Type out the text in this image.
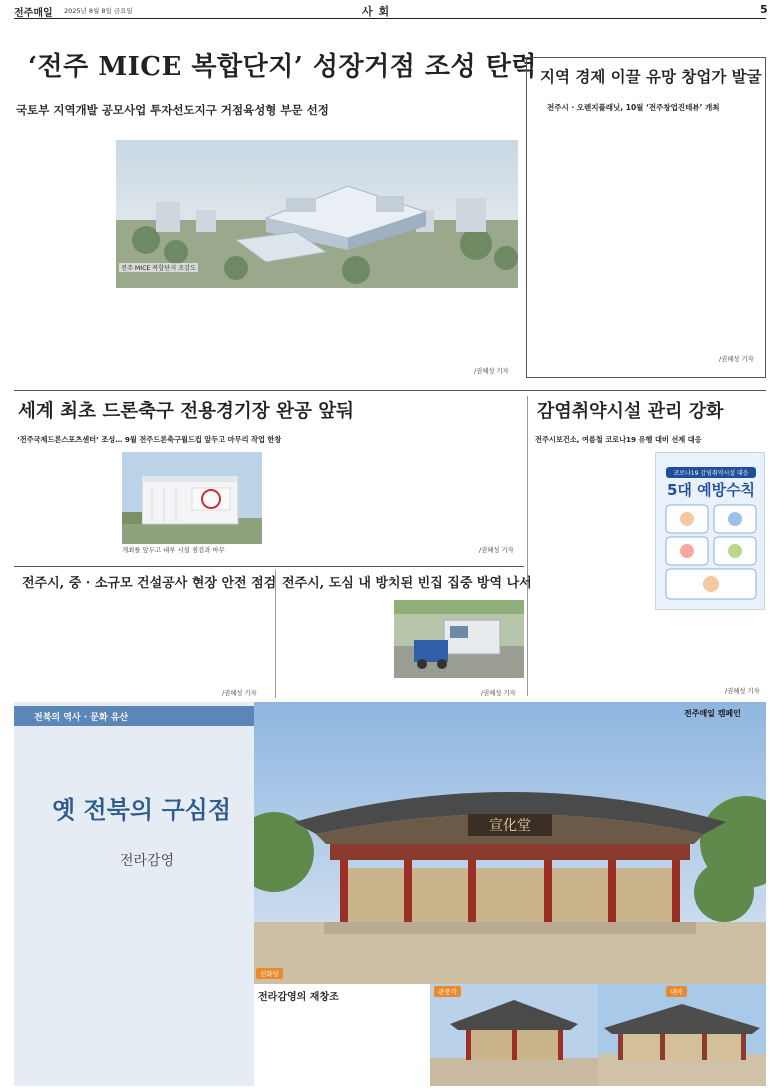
전주매일 2025년 8월 8일 금요일	사 회	5
‘전주 MICE 복합단지’ 성장거점 조성 탄력
국토부 지역개발 공모사업 투자선도지구 거점육성형 부문 선정
전주 MICE 복합단지 조감도
/권혜성 기자
지역 경제 이끌 유망 창업가 발굴
전주시 · 오렌지플래닛, 10월 ‘전주창업진테뷰’ 개최
/권혜성 기자
세계 최초 드론축구 전용경기장 완공 앞둬
‘전주국제드론스포츠센터’ 조성… 9월 전주드론축구월드컵 앞두고 마무리 작업 한창
개최를 앞두고 내부 시설 점검과 마무	/권혜성 기자
감염취약시설 관리 강화
전주시보건소, 여름철 코로나19 유행 대비 선제 대응
코로나19 감염취약시설 대응
5대 예방수칙
/권혜성 기자
전주시, 중 · 소규모 건설공사 현장 안전 점검
/권혜성 기자
전주시, 도심 내 방치된 빈집 집중 방역 나서
/권혜성 기자
전북의 역사 · 문화 유산
옛 전북의 구심점
전라감영
宣化堂
전주매일 캠페인
선화당
전라감영의 재창조	관풍각	내아
